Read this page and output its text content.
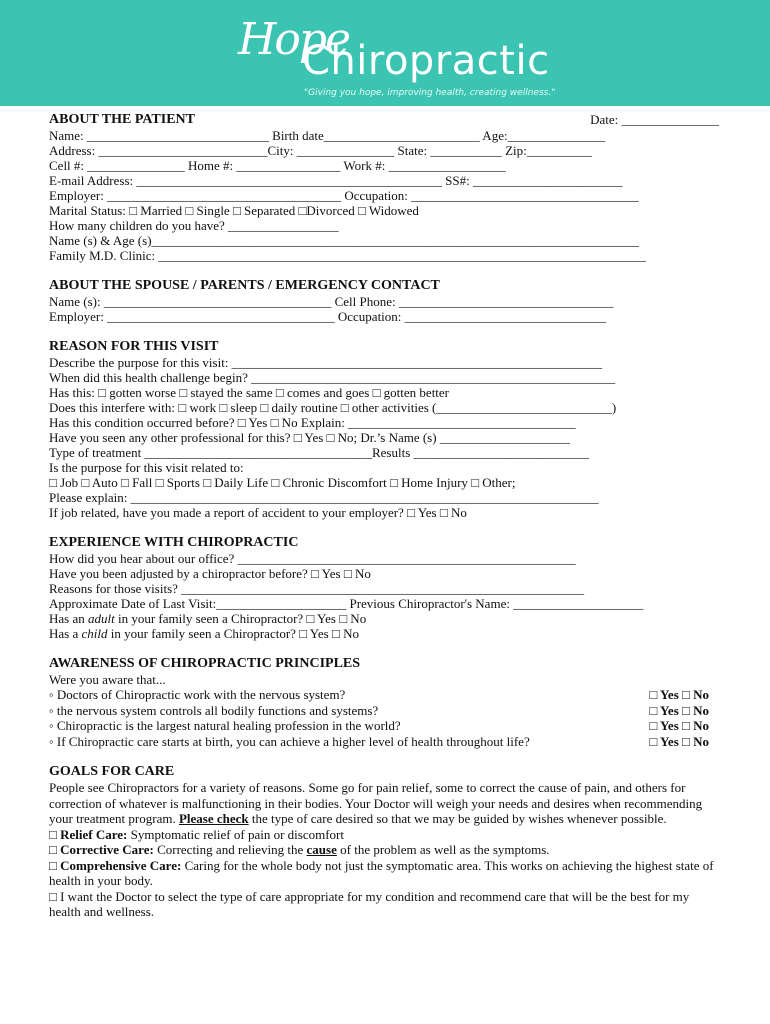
Hope
Chiropractic
"Giving you hope, improving health, creating wellness."
ABOUT THE PATIENT	Date: _______________
Name: ____________________________ Birth date________________________ Age:_______________
Address: __________________________City: _______________ State: ___________ Zip:__________
Cell #: _______________ Home #: ________________ Work #: __________________
E-mail Address: _______________________________________________ SS#: _______________________
Employer: ____________________________________ Occupation: ___________________________________
Marital Status: □ Married □ Single □ Separated □Divorced □ Widowed
How many children do you have? _________________
Name (s) & Age (s)___________________________________________________________________________
Family M.D. Clinic: ___________________________________________________________________________
ABOUT THE SPOUSE / PARENTS / EMERGENCY CONTACT
Name (s): ___________________________________ Cell Phone: _________________________________
Employer: ___________________________________ Occupation: _______________________________
REASON FOR THIS VISIT
Describe the purpose for this visit: _________________________________________________________
When did this health challenge begin? ________________________________________________________
Has this: □ gotten worse □ stayed the same □ comes and goes □ gotten better
Does this interfere with: □ work □ sleep □ daily routine □ other activities (___________________________)
Has this condition occurred before? □ Yes □ No Explain: ___________________________________
Have you seen any other professional for this? □ Yes □ No; Dr.’s Name (s) ____________________
Type of treatment ___________________________________Results ___________________________
Is the purpose for this visit related to:
□ Job □ Auto □ Fall □ Sports □ Daily Life □ Chronic Discomfort □ Home Injury □ Other;
Please explain: ________________________________________________________________________
If job related, have you made a report of accident to your employer? □ Yes □ No
EXPERIENCE WITH CHIROPRACTIC
How did you hear about our office? ____________________________________________________
Have you been adjusted by a chiropractor before? □ Yes □ No
Reasons for those visits? ______________________________________________________________
Approximate Date of Last Visit:____________________ Previous Chiropractor's Name: ____________________
Has an adult in your family seen a Chiropractor? □ Yes □ No
Has a child in your family seen a Chiropractor? □ Yes □ No
AWARENESS OF CHIROPRACTIC PRINCIPLES
Were you aware that...
◦ Doctors of Chiropractic work with the nervous system?	□ Yes □ No
◦ the nervous system controls all bodily functions and systems?	□ Yes □ No
◦ Chiropractic is the largest natural healing profession in the world?	□ Yes □ No
◦ If Chiropractic care starts at birth, you can achieve a higher level of health throughout life?	□ Yes □ No
GOALS FOR CARE
People see Chiropractors for a variety of reasons. Some go for pain relief, some to correct the cause of pain, and others for correction of whatever is malfunctioning in their bodies. Your Doctor will weigh your needs and desires when recommending your treatment program. Please check the type of care desired so that we may be guided by wishes whenever possible.
□ Relief Care: Symptomatic relief of pain or discomfort
□ Corrective Care: Correcting and relieving the cause of the problem as well as the symptoms.
□ Comprehensive Care: Caring for the whole body not just the symptomatic area. This works on achieving the highest state of health in your body.
□ I want the Doctor to select the type of care appropriate for my condition and recommend care that will be the best for my health and wellness.
